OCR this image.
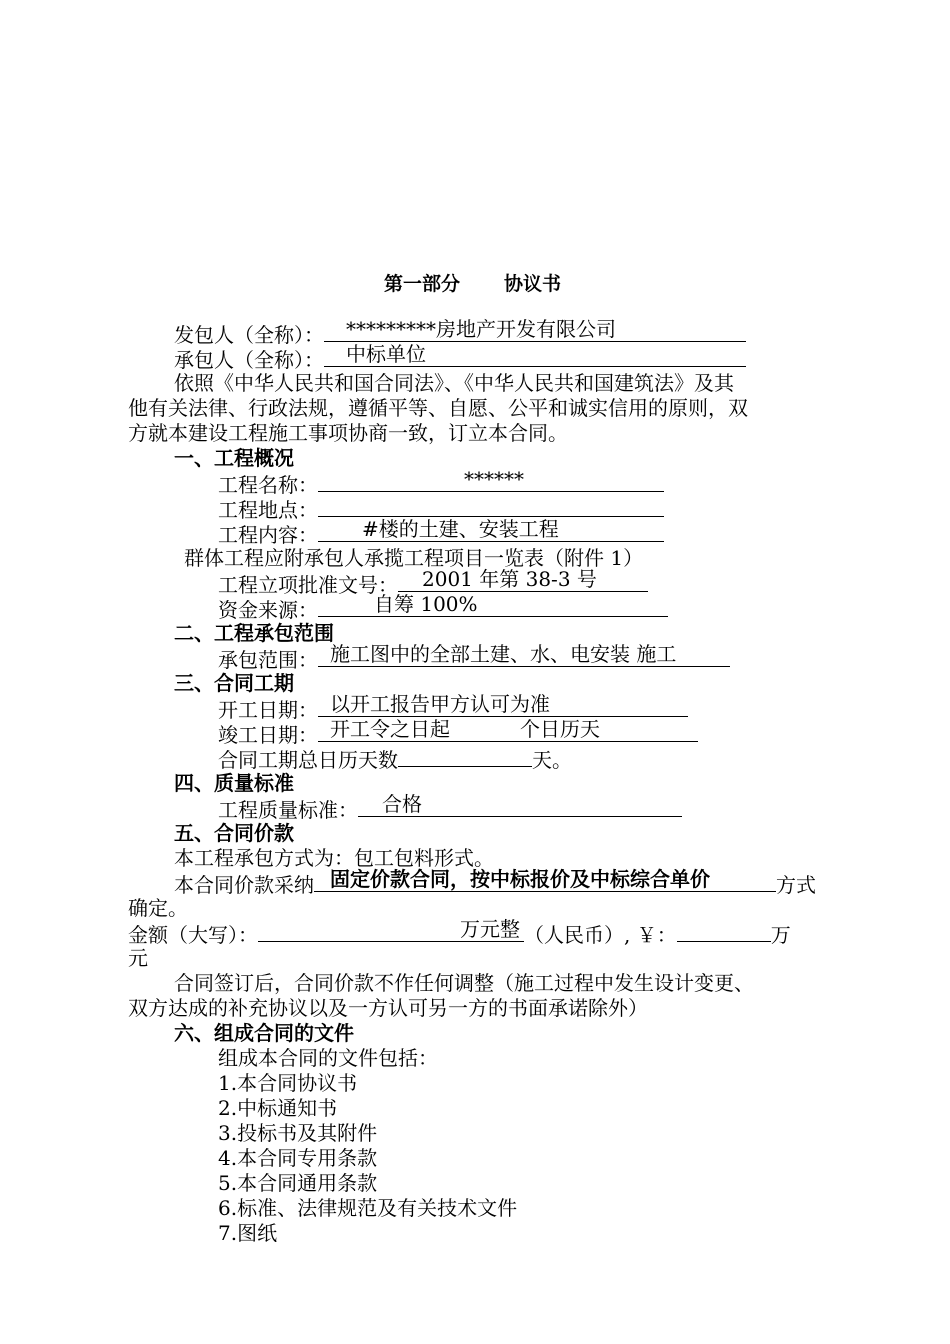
第一部分 协议书
发包人（全称）： *********房地产开发有限公司
承包人（全称）： 中标单位
依照《中华人民共和国合同法》、《中华人民共和国建筑法》及其
他有关法律、行政法规，遵循平等、自愿、公平和诚实信用的原则，双
方就本建设工程施工事项协商一致，订立本合同。
一、工程概况
工程名称：	******
工程地点：
工程内容： #楼的土建、安装工程
群体工程应附承包人承揽工程项目一览表（附件 1）
工程立项批准文号： 2001 年第 38-3 号
资金来源：	自筹 100%
二、工程承包范围
承包范围： 施工图中的全部土建、水、电安装 施工
三、合同工期
开工日期： 以开工报告甲方认可为准
竣工日期： 开工令之日起	个日历天
合同工期总日历天数	天。
四、质量标准
工程质量标准： 合格
五、合同价款
本工程承包方式为：包工包料形式。
本合同价款采纳 固定价款合同，按中标报价及中标综合单价	方式
确定。
金额（大写）：	万元整 （人民币）, ￥：	万
元
合同签订后，合同价款不作任何调整（施工过程中发生设计变更、
双方达成的补充协议以及一方认可另一方的书面承诺除外）
六、组成合同的文件
组成本合同的文件包括：
1.本合同协议书
2.中标通知书
3.投标书及其附件
4.本合同专用条款
5.本合同通用条款
6.标准、法律规范及有关技术文件
7.图纸
